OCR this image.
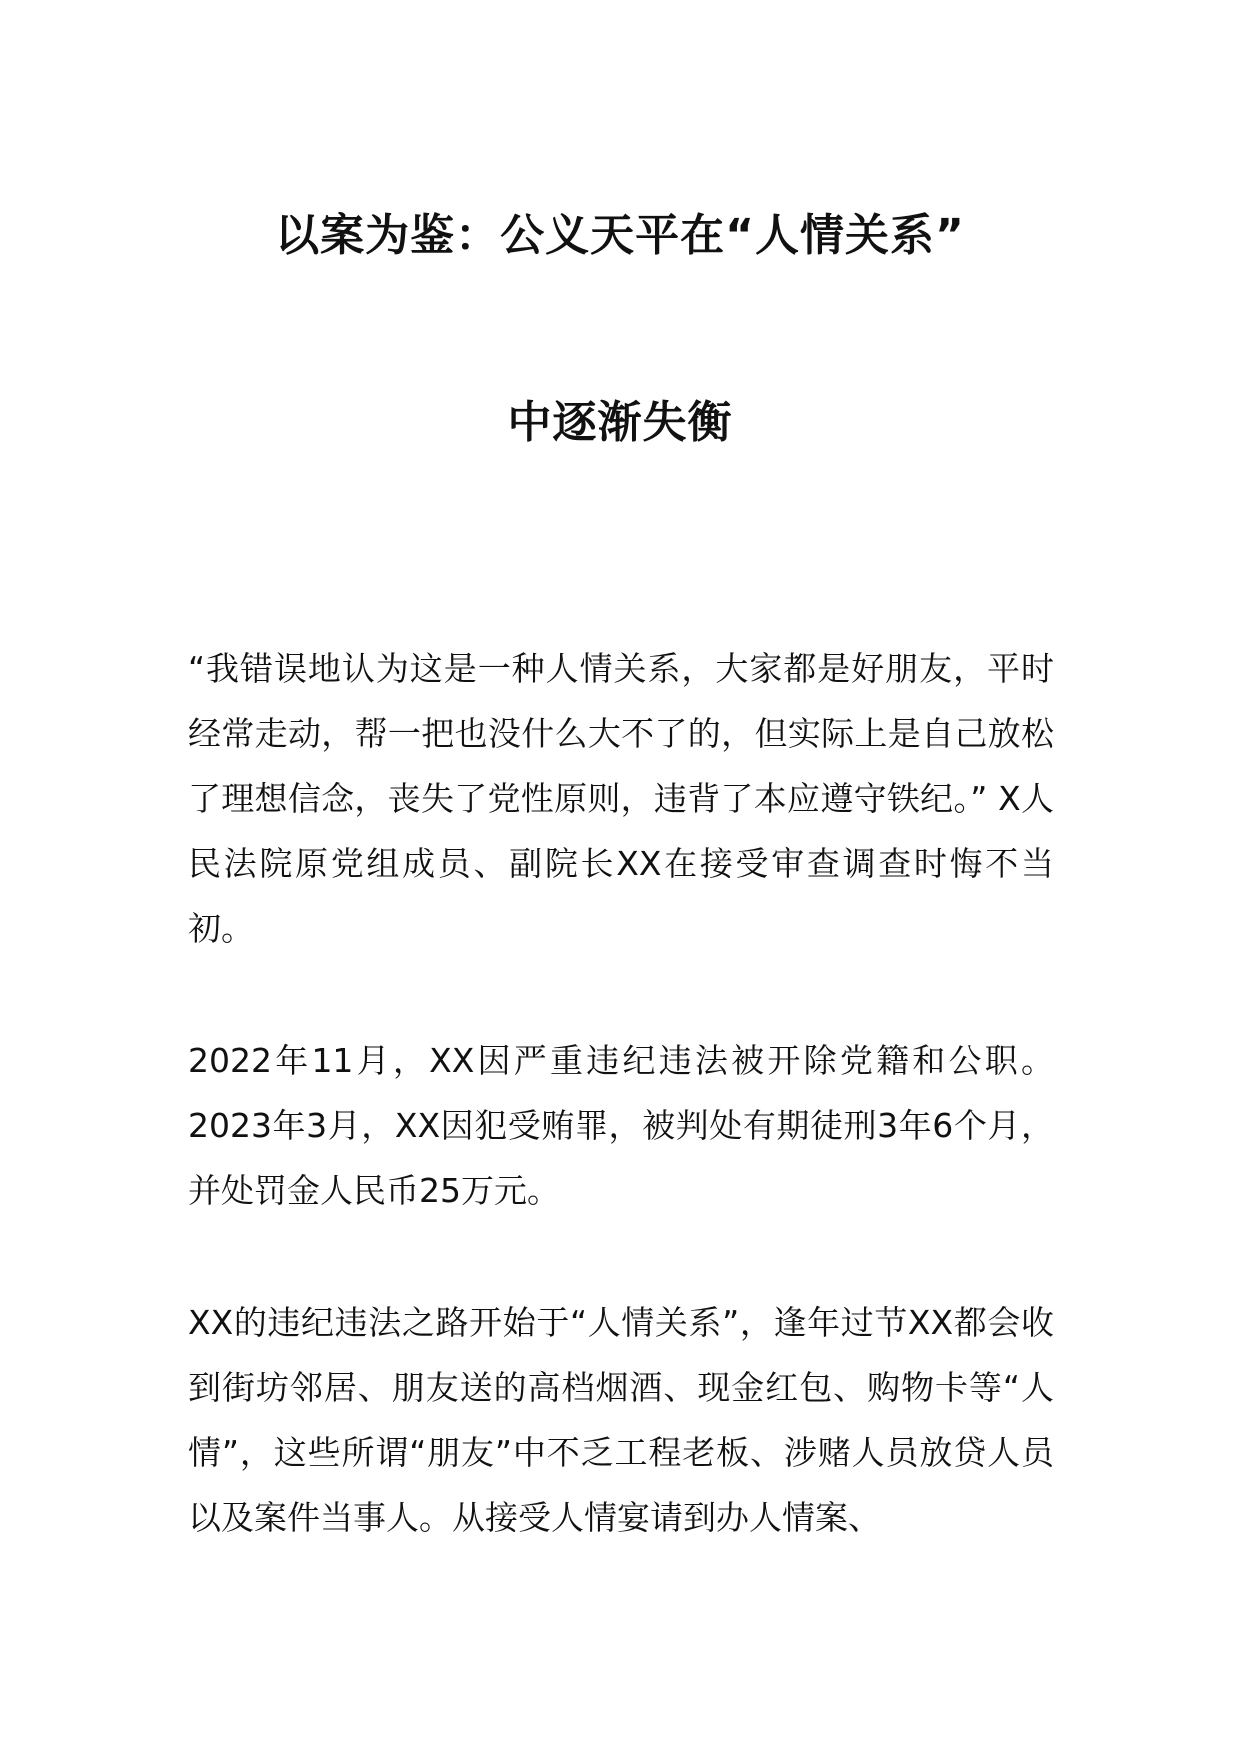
以案为鉴：公义天平在“人情关系”
中逐渐失衡

“我错误地认为这是一种人情关系，大家都是好朋友，平时经常走动，帮一把也没什么大不了的，但实际上是自己放松了理想信念，丧失了党性原则，违背了本应遵守铁纪。” X人民法院原党组成员、副院长XX在接受审查调查时悔不当初。

2022年11月，XX因严重违纪违法被开除党籍和公职。2023年3月，XX因犯受贿罪，被判处有期徒刑3年6个月，并处罚金人民币25万元。

XX的违纪违法之路开始于“人情关系”，逢年过节XX都会收到街坊邻居、朋友送的高档烟酒、现金红包、购物卡等“人情”，这些所谓“朋友”中不乏工程老板、涉赌人员放贷人员以及案件当事人。从接受人情宴请到办人情案、
